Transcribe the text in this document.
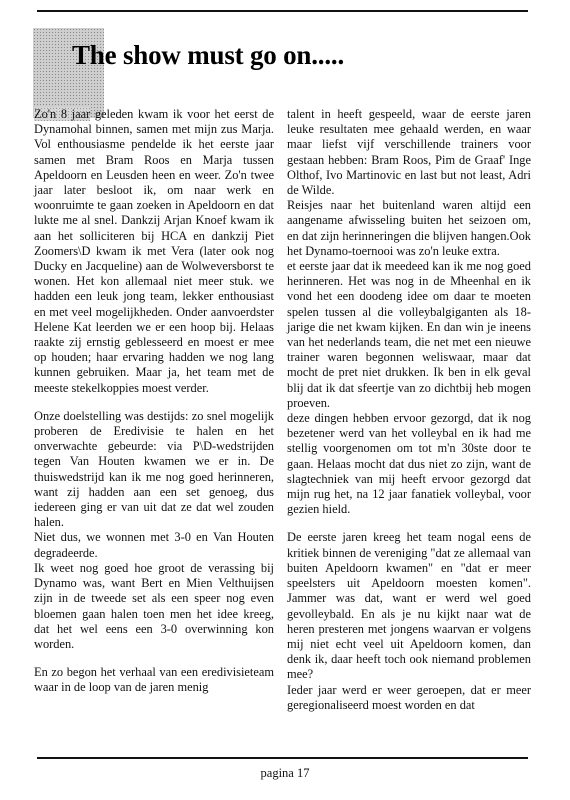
The show must go on.....

Zo'n 8 jaar geleden kwam ik voor het eerst de Dynamohal binnen, samen met mijn zus Marja. Vol enthousiasme pendelde ik het eerste jaar samen met Bram Roos en Marja tussen Apeldoorn en Leusden heen en weer. Zo'n twee jaar later besloot ik, om naar werk en woonruimte te gaan zoeken in Apeldoorn en dat lukte me al snel. Dankzij Arjan Knoef kwam ik aan het solliciteren bij HCA en dankzij Piet Zoomers\D kwam ik met Vera (later ook nog Ducky en Jacqueline) aan de Wolweversborst te wonen. Het kon allemaal niet meer stuk. we hadden een leuk jong team, lekker enthousiast en met veel mogelijkheden. Onder aanvoerdster Helene Kat leerden we er een hoop bij. Helaas raakte zij ernstig geblesseerd en moest er mee op houden; haar ervaring hadden we nog lang kunnen gebruiken. Maar ja, het team met de meeste stekelkoppies moest verder.

Onze doelstelling was destijds: zo snel mogelijk proberen de Eredivisie te halen en het onverwachte gebeurde: via P\D-wedstrijden tegen Van Houten kwamen we er in. De thuiswedstrijd kan ik me nog goed herinneren, want zij hadden aan een set genoeg, dus iedereen ging er van uit dat ze dat wel zouden halen.

Niet dus, we wonnen met 3-0 en Van Houten degradeerde.

Ik weet nog goed hoe groot de verassing bij Dynamo was, want Bert en Mien Velthuijsen zijn in de tweede set als een speer nog even bloemen gaan halen toen men het idee kreeg, dat het wel eens een 3-0 overwinning kon worden.

En zo begon het verhaal van een eredivisieteam waar in de loop van de jaren menig

talent in heeft gespeeld, waar de eerste jaren leuke resultaten mee gehaald werden, en waar maar liefst vijf verschillende trainers voor gestaan hebben: Bram Roos, Pim de Graaf' Inge Olthof, Ivo Martinovic en last but not least, Adri de Wilde.

Reisjes naar het buitenland waren altijd een aangename afwisseling buiten het seizoen om, en dat zijn herinneringen die blijven hangen.Ook het Dynamo-toernooi was zo'n leuke extra.

et eerste jaar dat ik meedeed kan ik me nog goed herinneren. Het was nog in de Mheenhal en ik vond het een doodeng idee om daar te moeten spelen tussen al die volleybalgiganten als 18-jarige die net kwam kijken. En dan win je ineens van het nederlands team, die net met een nieuwe trainer waren begonnen weliswaar, maar dat mocht de pret niet drukken. Ik ben in elk geval blij dat ik dat sfeertje van zo dichtbij heb mogen proeven.

deze dingen hebben ervoor gezorgd, dat ik nog bezetener werd van het volleybal en ik had me stellig voorgenomen om tot m'n 30ste door te gaan. Helaas mocht dat dus niet zo zijn, want de slagtechniek van mij heeft ervoor gezorgd dat mijn rug het, na 12 jaar fanatiek volleybal, voor gezien hield.

De eerste jaren kreeg het team nogal eens de kritiek binnen de vereniging "dat ze allemaal van buiten Apeldoorn kwamen" en "dat er meer speelsters uit Apeldoorn moesten komen". Jammer was dat, want er werd wel goed gevolleybald. En als je nu kijkt naar wat de heren presteren met jongens waarvan er volgens mij niet echt veel uit Apeldoorn komen, dan denk ik, daar heeft toch ook niemand problemen mee?

Ieder jaar werd er weer geroepen, dat er meer geregionaliseerd moest worden en dat

pagina 17
